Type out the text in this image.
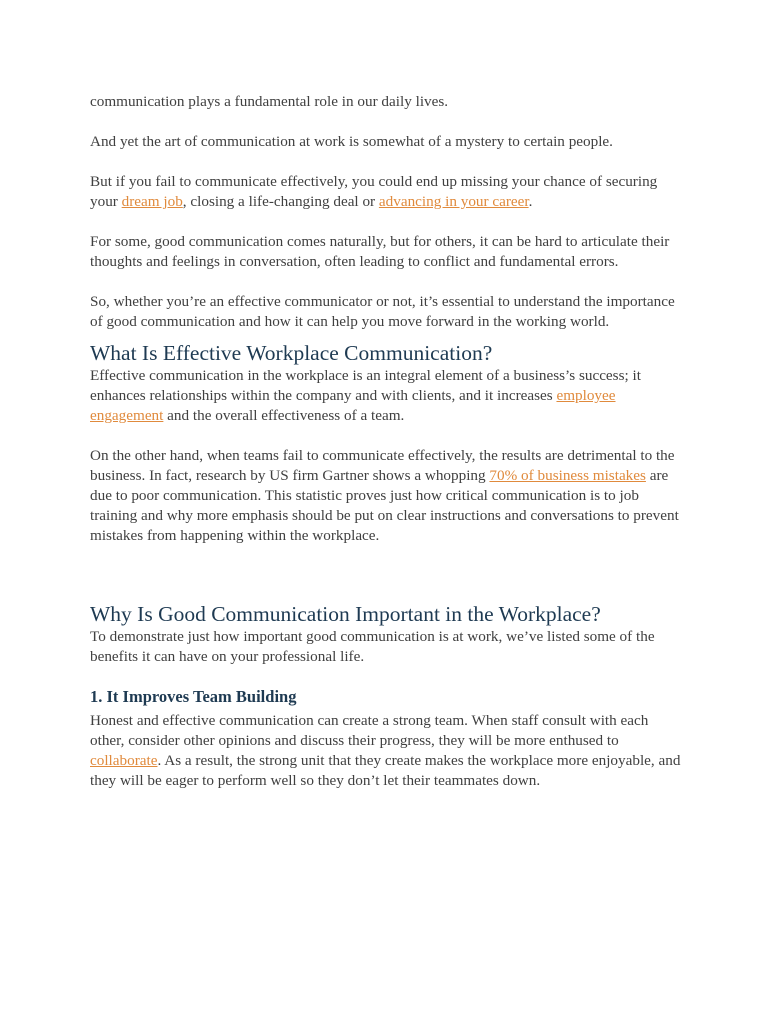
communication plays a fundamental role in our daily lives.

And yet the art of communication at work is somewhat of a mystery to certain people.

But if you fail to communicate effectively, you could end up missing your chance of securing your dream job, closing a life-changing deal or advancing in your career.

For some, good communication comes naturally, but for others, it can be hard to articulate their thoughts and feelings in conversation, often leading to conflict and fundamental errors.

So, whether you’re an effective communicator or not, it’s essential to understand the importance of good communication and how it can help you move forward in the working world.

What Is Effective Workplace Communication?

Effective communication in the workplace is an integral element of a business’s success; it enhances relationships within the company and with clients, and it increases employee engagement and the overall effectiveness of a team.

On the other hand, when teams fail to communicate effectively, the results are detrimental to the business. In fact, research by US firm Gartner shows a whopping 70% of business mistakes are due to poor communication. This statistic proves just how critical communication is to job training and why more emphasis should be put on clear instructions and conversations to prevent mistakes from happening within the workplace.

Why Is Good Communication Important in the Workplace?

To demonstrate just how important good communication is at work, we’ve listed some of the benefits it can have on your professional life.

1. It Improves Team Building

Honest and effective communication can create a strong team. When staff consult with each other, consider other opinions and discuss their progress, they will be more enthused to collaborate. As a result, the strong unit that they create makes the workplace more enjoyable, and they will be eager to perform well so they don’t let their teammates down.
